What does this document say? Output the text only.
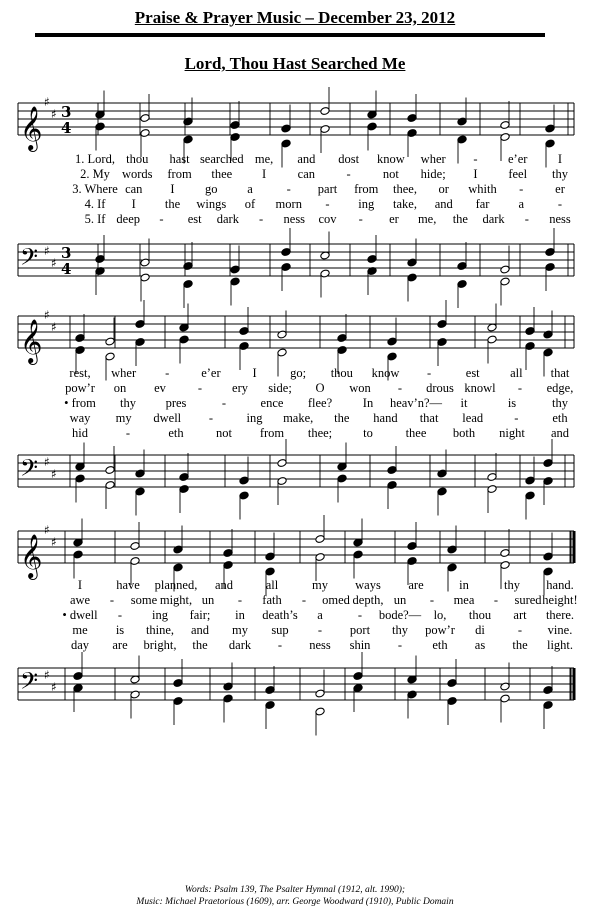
Praise & Prayer Music – December 23, 2012
Lord, Thou Hast Searched Me
𝄞
♯
♯ 3
4
𝄢 ♯
♯
3
4
𝄞
♯
♯
𝄢 ♯
♯
𝄞
♯
♯
𝄢 ♯
♯
1. Lord, thou hast searched me, and dost know wher - e’er I
2. My words from thee I	can	-	not hide; I feel thy
3. Where can I go a	- part from thee, or whith -	er
4. If I the wings of morn - ing take, and far a	-
5. If deep - est dark - ness cov - er me, the dark - ness
rest, wher -	e’er	I	go; thou know -	est all that
pow’r on ev	- ery side; O won - drous knowl - edge,
• from thy pres	-	ence flee? In heav’n?— it	is	thy
way my dwell -	ing make, the hand that lead -	eth
hid	-	eth	not from thee; to	thee both night and
I	have planned, and	all	my ways are	in	thy hand.
awe - some might, un - fath - omed depth, un - mea - sured height!
• dwell - ing fair; in death’s a	- bode?— lo, thou art there.
me is thine, and my sup - port thy pow’r di	- vine.
day are bright, the dark - ness shin - eth as the light.
Words: Psalm 139, The Psalter Hymnal (1912, alt. 1990);
Music: Michael Praetorious (1609), arr. George Woodward (1910), Public Domain
